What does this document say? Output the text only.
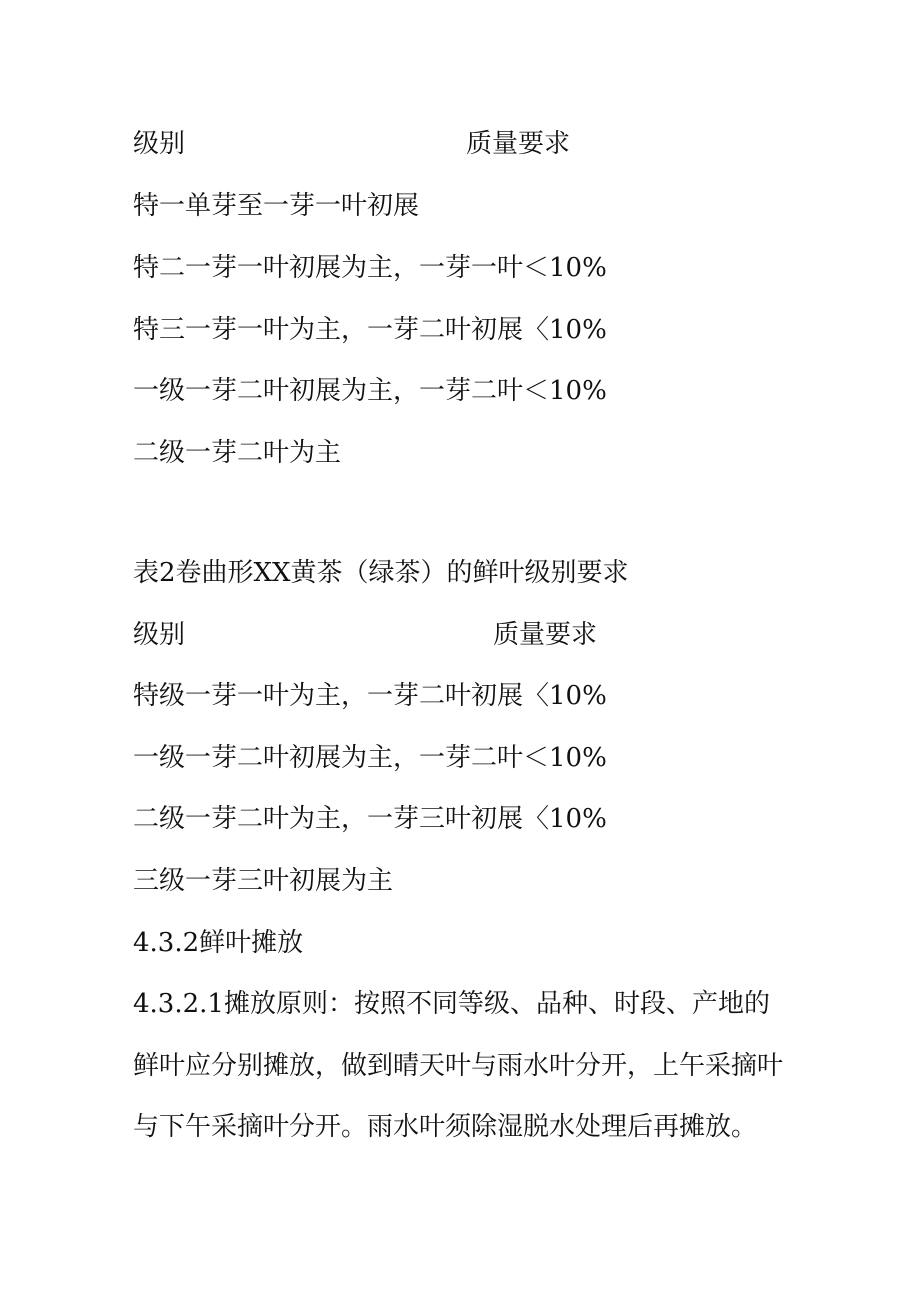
级别	质量要求
特一单芽至一芽一叶初展
特二一芽一叶初展为主，一芽一叶＜10%
特三一芽一叶为主，一芽二叶初展〈10%
一级一芽二叶初展为主，一芽二叶＜10%
二级一芽二叶为主
表2卷曲形XX黄茶（绿茶）的鲜叶级别要求
级别	质量要求
特级一芽一叶为主，一芽二叶初展〈10%
一级一芽二叶初展为主，一芽二叶＜10%
二级一芽二叶为主，一芽三叶初展〈10%
三级一芽三叶初展为主
4.3.2鲜叶摊放
4.3.2.1摊放原则：按照不同等级、品种、时段、产地的
鲜叶应分别摊放，做到晴天叶与雨水叶分开，上午采摘叶
与下午采摘叶分开。雨水叶须除湿脱水处理后再摊放。
